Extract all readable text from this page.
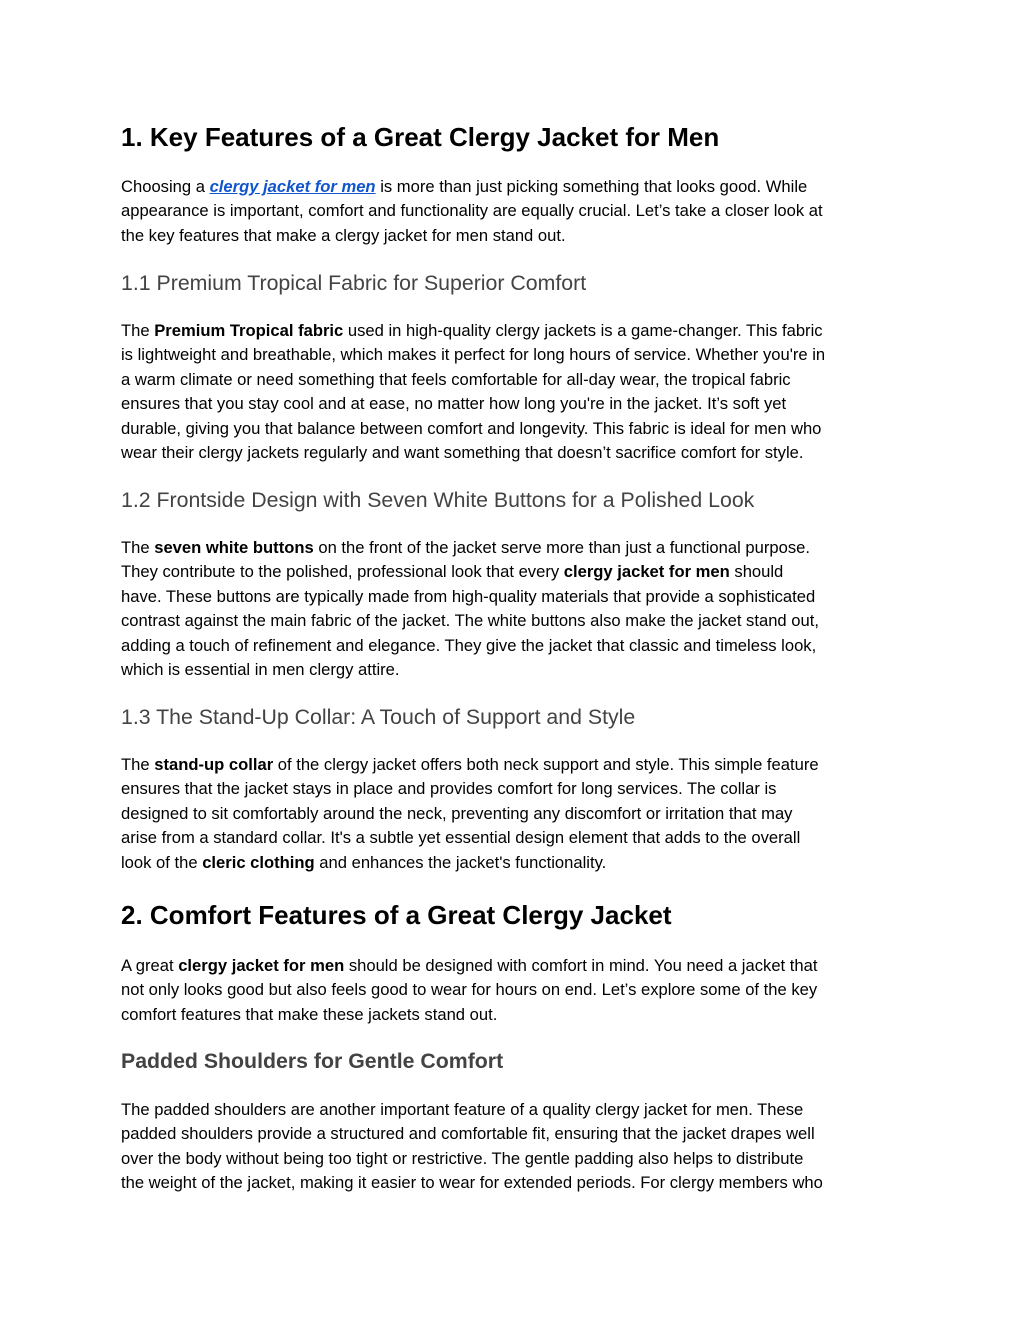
1. Key Features of a Great Clergy Jacket for Men
Choosing a clergy jacket for men is more than just picking something that looks good. While
appearance is important, comfort and functionality are equally crucial. Let’s take a closer look at
the key features that make a clergy jacket for men stand out.
1.1 Premium Tropical Fabric for Superior Comfort
The Premium Tropical fabric used in high-quality clergy jackets is a game-changer. This fabric
is lightweight and breathable, which makes it perfect for long hours of service. Whether you're in
a warm climate or need something that feels comfortable for all-day wear, the tropical fabric
ensures that you stay cool and at ease, no matter how long you're in the jacket. It’s soft yet
durable, giving you that balance between comfort and longevity. This fabric is ideal for men who
wear their clergy jackets regularly and want something that doesn’t sacrifice comfort for style.
1.2 Frontside Design with Seven White Buttons for a Polished Look
The seven white buttons on the front of the jacket serve more than just a functional purpose.
They contribute to the polished, professional look that every clergy jacket for men should
have. These buttons are typically made from high-quality materials that provide a sophisticated
contrast against the main fabric of the jacket. The white buttons also make the jacket stand out,
adding a touch of refinement and elegance. They give the jacket that classic and timeless look,
which is essential in men clergy attire.
1.3 The Stand-Up Collar: A Touch of Support and Style
The stand-up collar of the clergy jacket offers both neck support and style. This simple feature
ensures that the jacket stays in place and provides comfort for long services. The collar is
designed to sit comfortably around the neck, preventing any discomfort or irritation that may
arise from a standard collar. It's a subtle yet essential design element that adds to the overall
look of the cleric clothing and enhances the jacket's functionality.
2. Comfort Features of a Great Clergy Jacket
A great clergy jacket for men should be designed with comfort in mind. You need a jacket that
not only looks good but also feels good to wear for hours on end. Let’s explore some of the key
comfort features that make these jackets stand out.
Padded Shoulders for Gentle Comfort
The padded shoulders are another important feature of a quality clergy jacket for men. These
padded shoulders provide a structured and comfortable fit, ensuring that the jacket drapes well
over the body without being too tight or restrictive. The gentle padding also helps to distribute
the weight of the jacket, making it easier to wear for extended periods. For clergy members who
